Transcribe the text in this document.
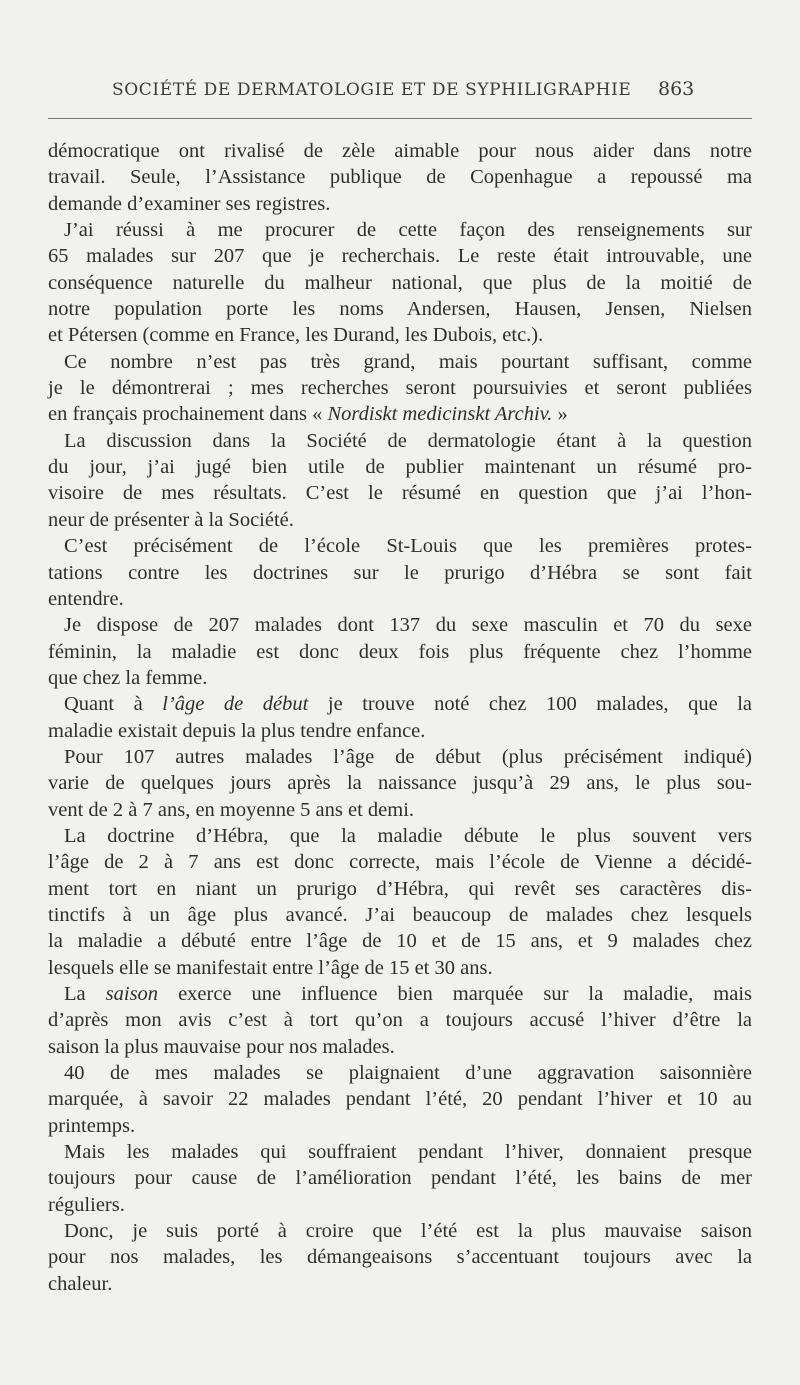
SOCIÉTÉ DE DERMATOLOGIE ET DE SYPHILIGRAPHIE 863
démocratique ont rivalisé de zèle aimable pour nous aider dans notre
travail. Seule, l’Assistance publique de Copenhague a repoussé ma
demande d’examiner ses registres.
J’ai réussi à me procurer de cette façon des renseignements sur
65 malades sur 207 que je recherchais. Le reste était introuvable, une
conséquence naturelle du malheur national, que plus de la moitié de
notre population porte les noms Andersen, Hausen, Jensen, Nielsen
et Pétersen (comme en France, les Durand, les Dubois, etc.).
Ce nombre n’est pas très grand, mais pourtant suffisant, comme
je le démontrerai ; mes recherches seront poursuivies et seront publiées
en français prochainement dans « Nordiskt medicinskt Archiv. »
La discussion dans la Société de dermatologie étant à la question
du jour, j’ai jugé bien utile de publier maintenant un résumé pro-
visoire de mes résultats. C’est le résumé en question que j’ai l’hon-
neur de présenter à la Société.
C’est précisément de l’école St-Louis que les premières protes-
tations contre les doctrines sur le prurigo d’Hébra se sont fait
entendre.
Je dispose de 207 malades dont 137 du sexe masculin et 70 du sexe
féminin, la maladie est donc deux fois plus fréquente chez l’homme
que chez la femme.
Quant à l’âge de début je trouve noté chez 100 malades, que la
maladie existait depuis la plus tendre enfance.
Pour 107 autres malades l’âge de début (plus précisément indiqué)
varie de quelques jours après la naissance jusqu’à 29 ans, le plus sou-
vent de 2 à 7 ans, en moyenne 5 ans et demi.
La doctrine d’Hébra, que la maladie débute le plus souvent vers
l’âge de 2 à 7 ans est donc correcte, mais l’école de Vienne a décidé-
ment tort en niant un prurigo d’Hébra, qui revêt ses caractères dis-
tinctifs à un âge plus avancé. J’ai beaucoup de malades chez lesquels
la maladie a débuté entre l’âge de 10 et de 15 ans, et 9 malades chez
lesquels elle se manifestait entre l’âge de 15 et 30 ans.
La saison exerce une influence bien marquée sur la maladie, mais
d’après mon avis c’est à tort qu’on a toujours accusé l’hiver d’être la
saison la plus mauvaise pour nos malades.
40 de mes malades se plaignaient d’une aggravation saisonnière
marquée, à savoir 22 malades pendant l’été, 20 pendant l’hiver et 10 au
printemps.
Mais les malades qui souffraient pendant l’hiver, donnaient presque
toujours pour cause de l’amélioration pendant l’été, les bains de mer
réguliers.
Donc, je suis porté à croire que l’été est la plus mauvaise saison
pour nos malades, les démangeaisons s’accentuant toujours avec la
chaleur.
